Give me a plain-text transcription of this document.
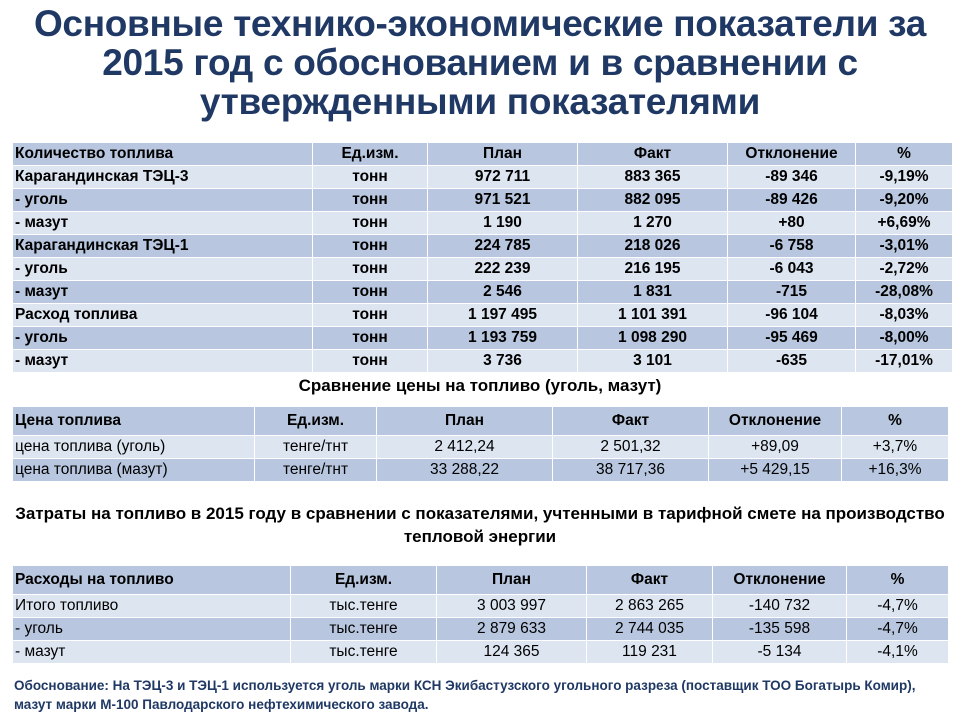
Основные технико-экономические показатели за 2015 год с обоснованием и в сравнении с утвержденными показателями
Количество топлива	Ед.изм.	План	Факт	Отклонение	%
Карагандинская ТЭЦ-3	тонн	972 711	883 365	-89 346	-9,19%
- уголь	тонн	971 521	882 095	-89 426	-9,20%
- мазут	тонн	1 190	1 270	+80	+6,69%
Карагандинская ТЭЦ-1	тонн	224 785	218 026	-6 758	-3,01%
- уголь	тонн	222 239	216 195	-6 043	-2,72%
- мазут	тонн	2 546	1 831	-715	-28,08%
Расход топлива	тонн	1 197 495	1 101 391	-96 104	-8,03%
- уголь	тонн	1 193 759	1 098 290	-95 469	-8,00%
- мазут	тонн	3 736	3 101	-635	-17,01%
Сравнение цены на топливо (уголь, мазут)
Цена топлива	Ед.изм.	План	Факт	Отклонение	%
цена топлива (уголь)	тенге/тнт	2 412,24	2 501,32	+89,09	+3,7%
цена топлива (мазут)	тенге/тнт	33 288,22	38 717,36	+5 429,15	+16,3%
Затраты на топливо в 2015 году в сравнении с показателями, учтенными в тарифной смете на производство тепловой энергии
Расходы на топливо	Ед.изм.	План	Факт	Отклонение	%
Итого топливо	тыс.тенге	3 003 997	2 863 265	-140 732	-4,7%
- уголь	тыс.тенге	2 879 633	2 744 035	-135 598	-4,7%
- мазут	тыс.тенге	124 365	119 231	-5 134	-4,1%
Обоснование: На ТЭЦ-3 и ТЭЦ-1 используется уголь марки КСН Экибастузского угольного разреза (поставщик ТОО Богатырь Комир), мазут марки М-100 Павлодарского нефтехимического завода.
